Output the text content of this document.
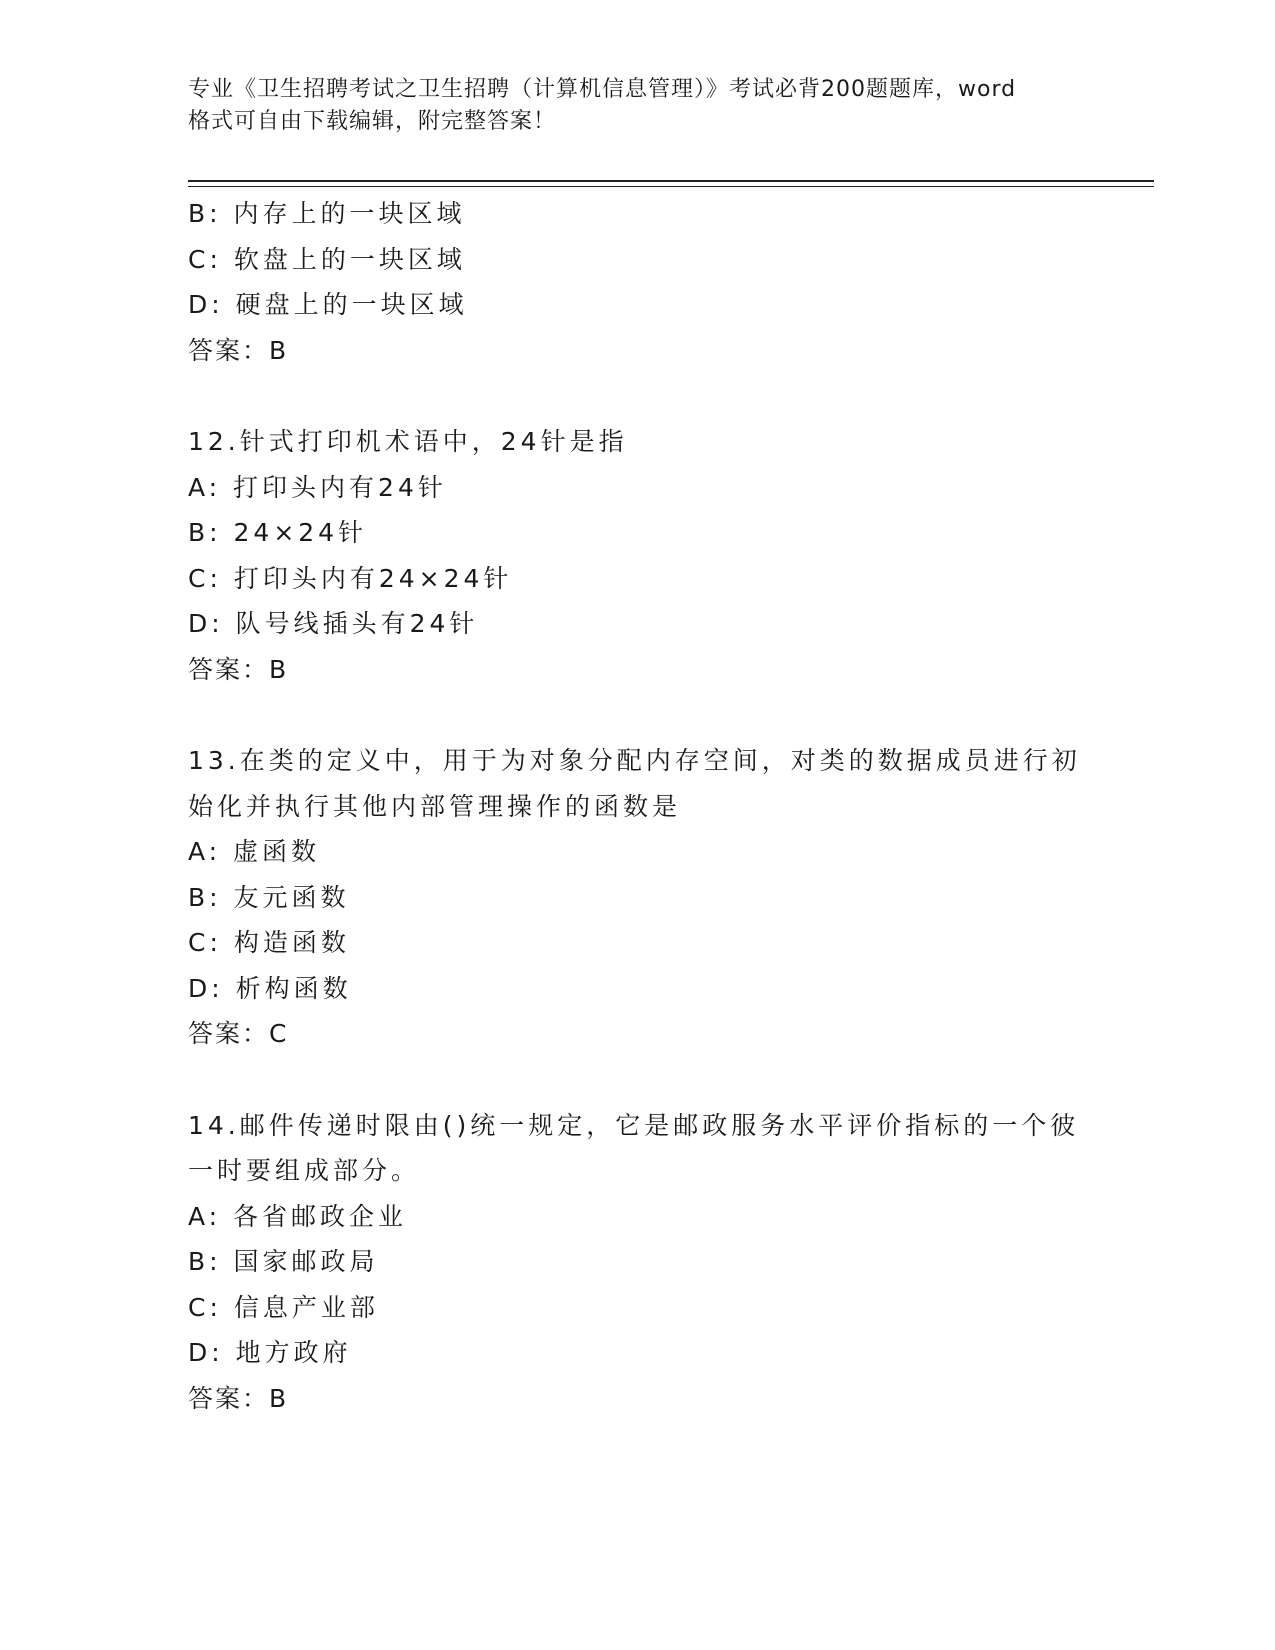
专业《卫生招聘考试之卫生招聘（计算机信息管理）》考试必背200题题库，word
格式可自由下载编辑，附完整答案！
B: 内存上的一块区域
C: 软盘上的一块区域
D: 硬盘上的一块区域
答案：B
12.针式打印机术语中，24针是指
A: 打印头内有24针
B: 24×24针
C: 打印头内有24×24针
D: 队号线插头有24针
答案：B
13.在类的定义中，用于为对象分配内存空间，对类的数据成员进行初
始化并执行其他内部管理操作的函数是
A: 虚函数
B: 友元函数
C: 构造函数
D: 析构函数
答案：C
14.邮件传递时限由()统一规定，它是邮政服务水平评价指标的一个彼
一时要组成部分。
A: 各省邮政企业
B: 国家邮政局
C: 信息产业部
D: 地方政府
答案：B
